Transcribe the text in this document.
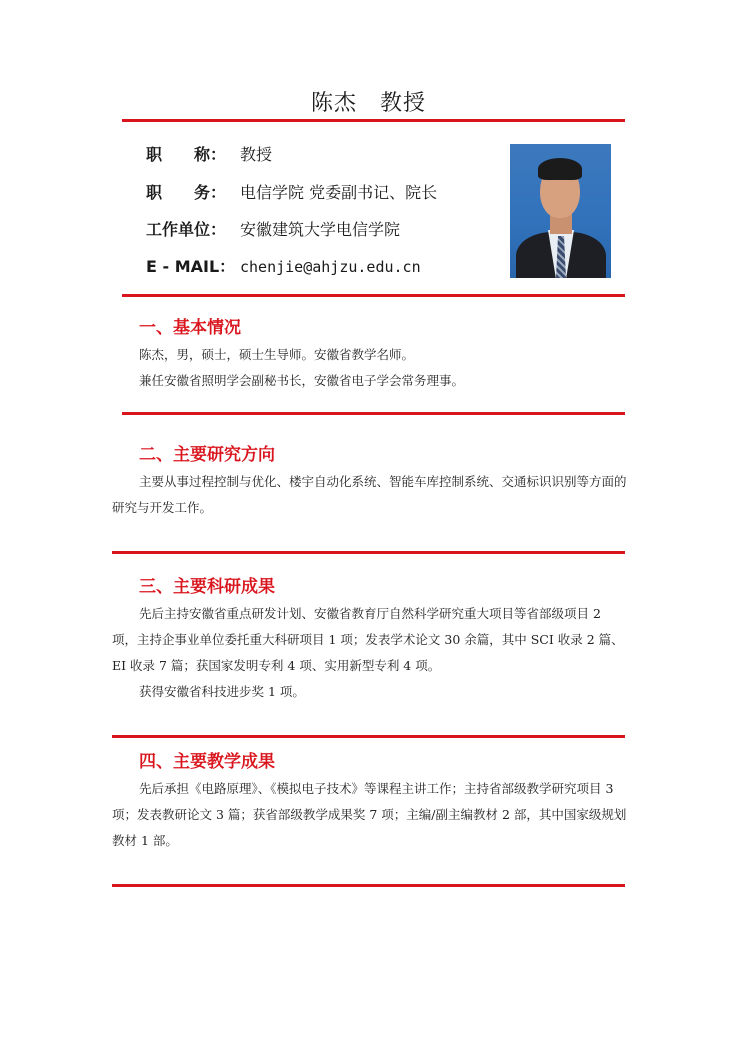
陈杰　教授
职　　称： 教授
职　　务： 电信学院 党委副书记、院长
工作单位： 安徽建筑大学电信学院
E - MAIL： chenjie@ahjzu.edu.cn
一、基本情况
陈杰，男，硕士，硕士生导师。安徽省教学名师。
兼任安徽省照明学会副秘书长，安徽省电子学会常务理事。
二、主要研究方向
主要从事过程控制与优化、楼宇自动化系统、智能车库控制系统、交通标识识别等方面的研究与开发工作。
三、主要科研成果
先后主持安徽省重点研发计划、安徽省教育厅自然科学研究重大项目等省部级项目 2 项，主持企事业单位委托重大科研项目 1 项；发表学术论文 30 余篇，其中 SCI 收录 2 篇、EI 收录 7 篇；获国家发明专利 4 项、实用新型专利 4 项。
获得安徽省科技进步奖 1 项。
四、主要教学成果
先后承担《电路原理》、《模拟电子技术》等课程主讲工作；主持省部级教学研究项目 3 项；发表教研论文 3 篇；获省部级教学成果奖 7 项；主编/副主编教材 2 部，其中国家级规划教材 1 部。
